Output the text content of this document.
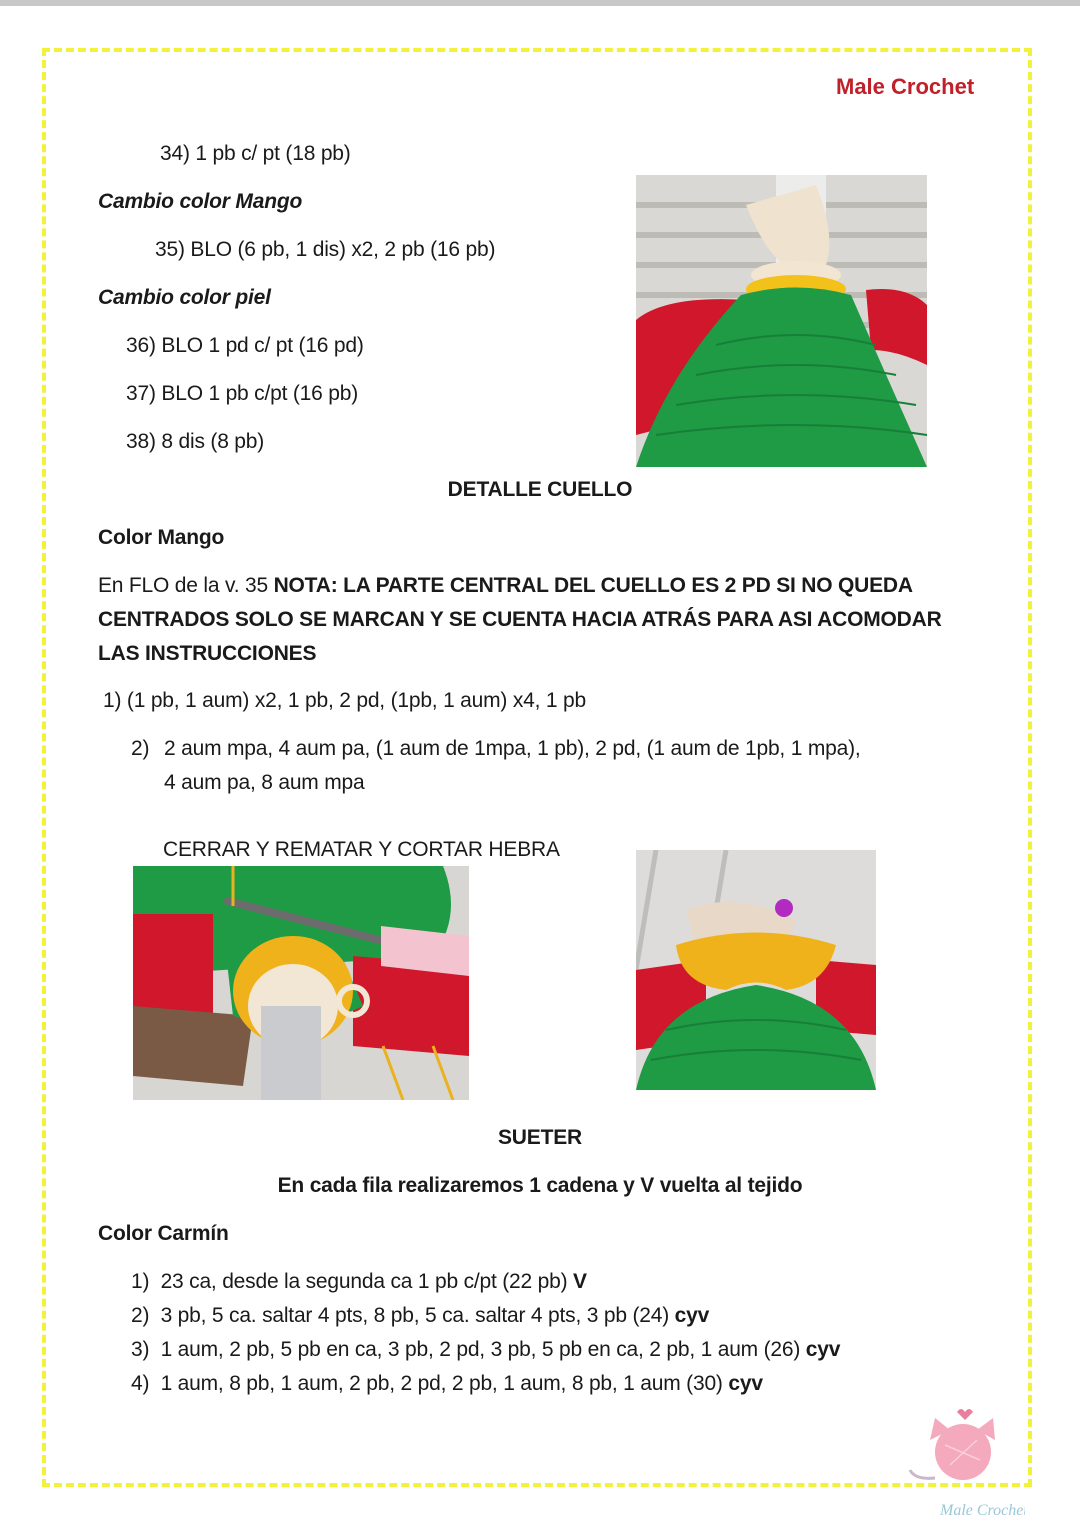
Male Crochet
34) 1 pb c/ pt (18 pb)
Cambio color Mango
35) BLO (6 pb, 1 dis) x2, 2 pb (16 pb)
Cambio color piel
36) BLO 1 pd c/ pt (16 pd)
37) BLO 1 pb c/pt (16 pb)
38) 8 dis (8 pb)
DETALLE CUELLO
Color Mango
En FLO de la v. 35 NOTA: LA PARTE CENTRAL DEL CUELLO ES 2 PD SI NO QUEDA
CENTRADOS SOLO SE MARCAN Y SE CUENTA HACIA ATRÁS PARA ASI ACOMODAR
LAS INSTRUCCIONES
1) (1 pb, 1 aum) x2, 1 pb, 2 pd, (1pb, 1 aum) x4, 1 pb
2) 2 aum mpa, 4 aum pa, (1 aum de 1mpa, 1 pb), 2 pd, (1 aum de 1pb, 1 mpa),
4 aum pa, 8 aum mpa
CERRAR Y REMATAR Y CORTAR HEBRA
SUETER
En cada fila realizaremos 1 cadena y V vuelta al tejido
Color Carmín
1) 23 ca, desde la segunda ca 1 pb c/pt (22 pb) V
2) 3 pb, 5 ca. saltar 4 pts, 8 pb, 5 ca. saltar 4 pts, 3 pb (24) cyv
3) 1 aum, 2 pb, 5 pb en ca, 3 pb, 2 pd, 3 pb, 5 pb en ca, 2 pb, 1 aum (26) cyv
4) 1 aum, 8 pb, 1 aum, 2 pb, 2 pd, 2 pb, 1 aum, 8 pb, 1 aum (30) cyv
Male Crochet
